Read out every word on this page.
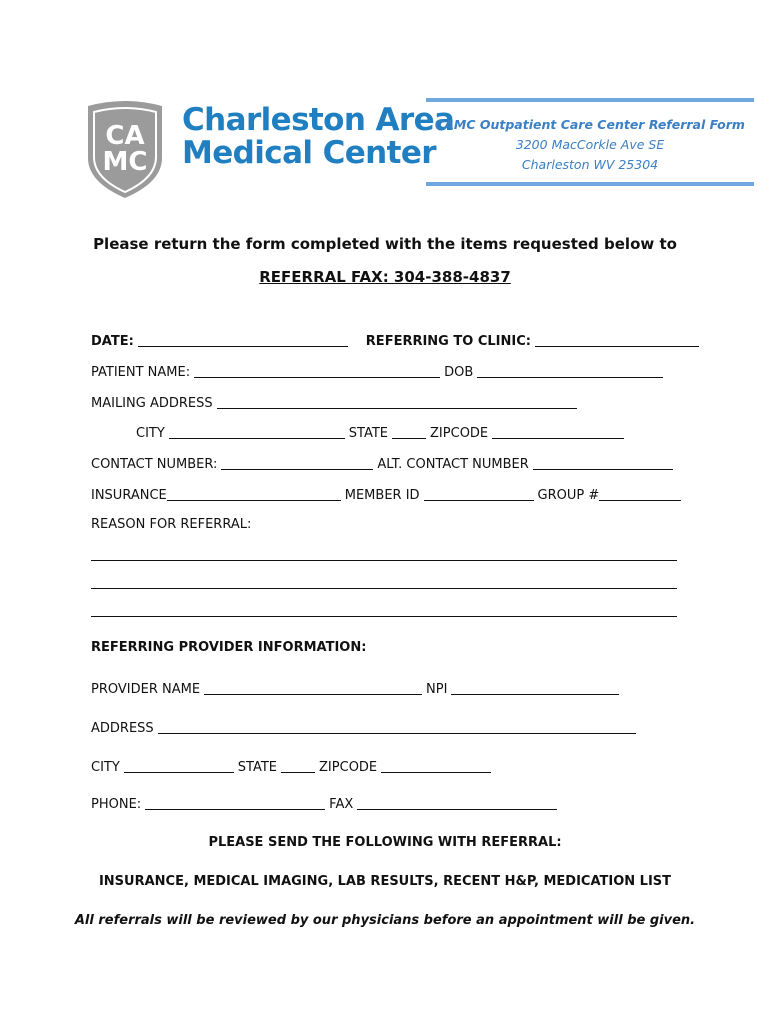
CA
MC
Charleston Area
Medical Center
CAMC Outpatient Care Center Referral Form
3200 MacCorkle Ave SE
Charleston WV 25304
Please return the form completed with the items requested below to
REFERRAL FAX: 304-388-4837
DATE:	REFERRING TO CLINIC:
PATIENT NAME:	DOB
MAILING ADDRESS
CITY	STATE	ZIPCODE
CONTACT NUMBER:	ALT. CONTACT NUMBER
INSURANCE	MEMBER ID	GROUP #
REASON FOR REFERRAL:
REFERRING PROVIDER INFORMATION:
PROVIDER NAME	NPI
ADDRESS
CITY	STATE	ZIPCODE
PHONE:	FAX
PLEASE SEND THE FOLLOWING WITH REFERRAL:
INSURANCE, MEDICAL IMAGING, LAB RESULTS, RECENT H&P, MEDICATION LIST
All referrals will be reviewed by our physicians before an appointment will be given.
